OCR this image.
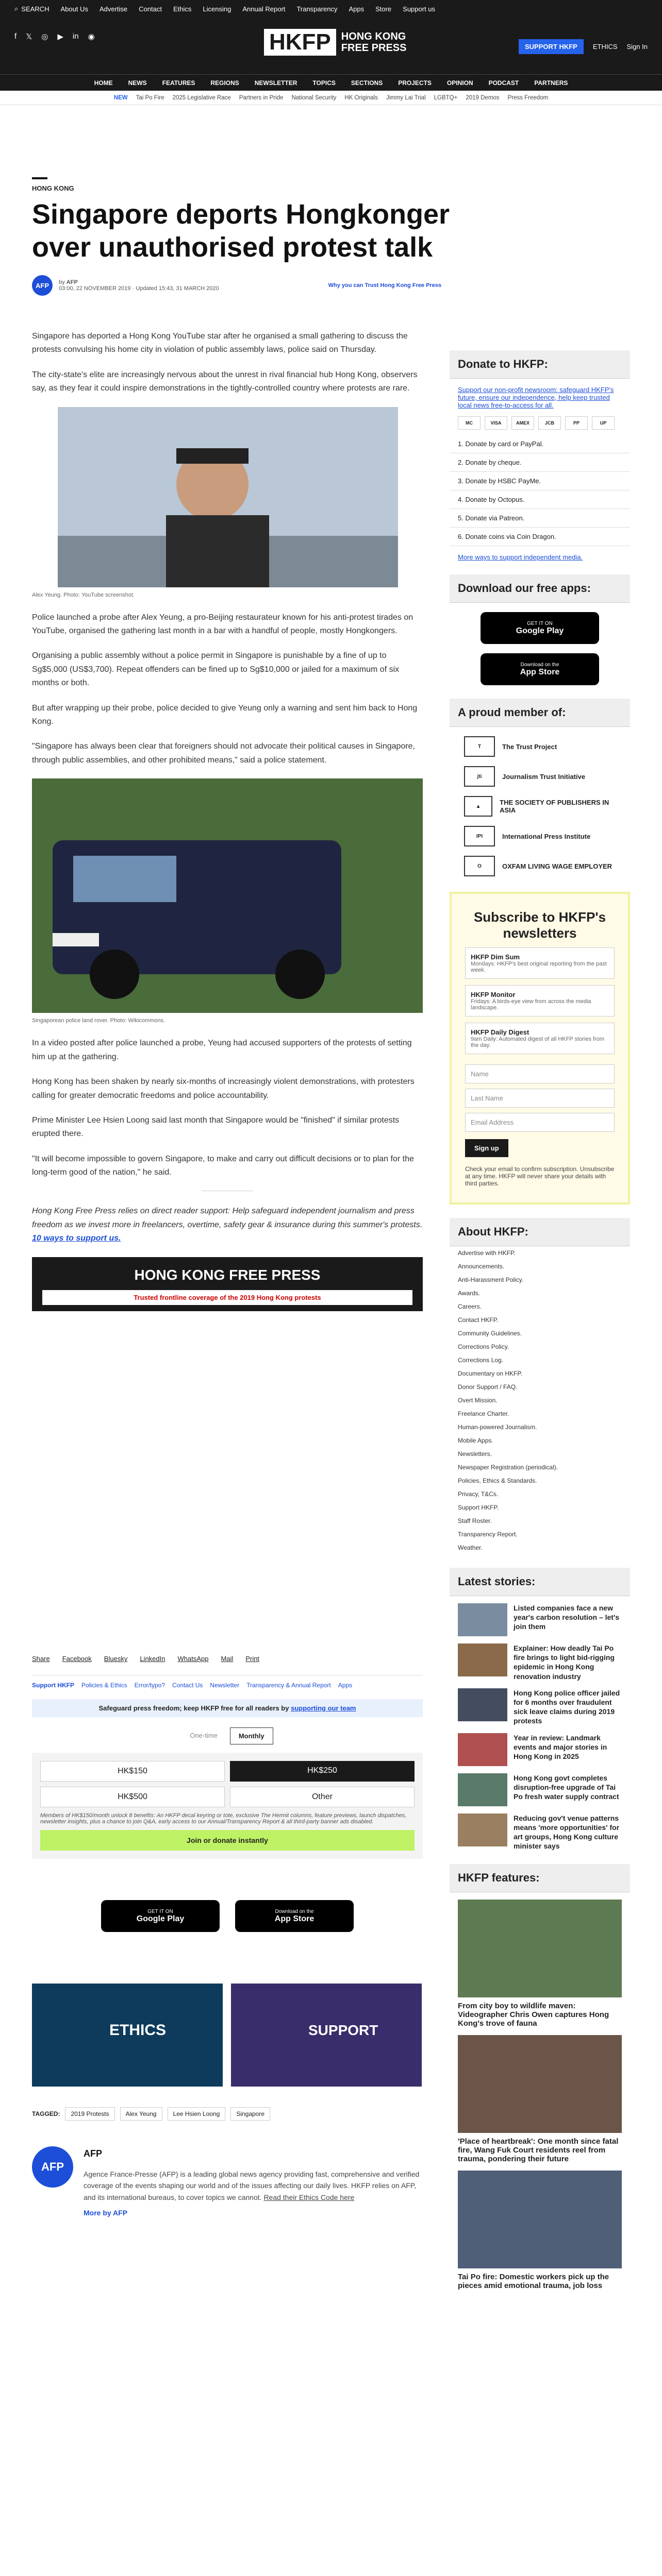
⌕ SEARCH About Us Advertise Contact Ethics Licensing Annual Report Transparency Apps Store Support us
f 𝕏 ◎ ▶ in ◉	HKFP	HONG KONG
FREE PRESS	SUPPORT HKFP	ETHICS Sign In
HOME	NEWS	FEATURES	REGIONS	NEWSLETTER	TOPICS	SECTIONS	PROJECTS	OPINION	PODCAST	PARTNERS
NEW Tai Po Fire 2025 Legislative Race Partners in Pride National Security HK Originals Jimmy Lai Trial LGBTQ+ 2019 Demos Press Freedom
HONG KONG
Singapore deports Hongkonger over unauthorised protest talk
AFP	by AFP
03:00, 22 NOVEMBER 2019 · Updated 15:43, 31 MARCH 2020	Why you can Trust Hong Kong Free Press

Singapore has deported a Hong Kong YouTube star after he organised a small gathering to discuss the protests convulsing his home city in violation of public assembly laws, police said on Thursday.

The city-state's elite are increasingly nervous about the unrest in rival financial hub Hong Kong, observers say, as they fear it could inspire demonstrations in the tightly-controlled country where protests are rare.

Alex Yeung. Photo: YouTube screenshot.

Police launched a probe after Alex Yeung, a pro-Beijing restaurateur known for his anti-protest tirades on YouTube, organised the gathering last month in a bar with a handful of people, mostly Hongkongers.

Organising a public assembly without a police permit in Singapore is punishable by a fine of up to Sg$5,000 (US$3,700). Repeat offenders can be fined up to Sg$10,000 or jailed for a maximum of six months or both.

But after wrapping up their probe, police decided to give Yeung only a warning and sent him back to Hong Kong.

"Singapore has always been clear that foreigners should not advocate their political causes in Singapore, through public assemblies, and other prohibited means," said a police statement.

Singaporean police land rover. Photo: Wikicommons.

In a video posted after police launched a probe, Yeung had accused supporters of the protests of setting him up at the gathering.

Hong Kong has been shaken by nearly six-months of increasingly violent demonstrations, with protesters calling for greater democratic freedoms and police accountability.

Prime Minister Lee Hsien Loong said last month that Singapore would be "finished" if similar protests erupted there.

"It will become impossible to govern Singapore, to make and carry out difficult decisions or to plan for the long-term good of the nation," he said.

Hong Kong Free Press relies on direct reader support: Help safeguard independent journalism and press freedom as we invest more in freelancers, overtime, safety gear & insurance during this summer's protests. 10 ways to support us.

HONG KONG FREE PRESS
Trusted frontline coverage of the 2019 Hong Kong protests
Share Facebook Bluesky LinkedIn WhatsApp Mail Print
Support HKFP Policies & Ethics Error/typo? Contact Us Newsletter Transparency & Annual Report Apps
Safeguard press freedom; keep HKFP free for all readers by supporting our team
One-time	Monthly
HK$150	HK$250
HK$500	Other
Members of HK$150/month unlock 8 benefits: An HKFP decal keyring or tote, exclusive The Hermit columns, feature previews, launch dispatches, newsletter insights, plus a chance to join Q&A, early access to our Annual/Transparency Report & all third-party banner ads disabled.
Join or donate instantly
GET IT ON
Google Play
Download on the
App Store
ETHICS	SUPPORT
TAGGED:	2019 Protests	Alex Yeung	Lee Hsien Loong	Singapore
AFP
AFP

Agence France-Presse (AFP) is a leading global news agency providing fast, comprehensive and verified coverage of the events shaping our world and of the issues affecting our daily lives. HKFP relies on AFP, and its international bureaus, to cover topics we cannot. Read their Ethics Code here

More by AFP
Donate to HKFP:
Support our non-profit newsroom: safeguard HKFP's future, ensure our independence, help keep trusted local news free-to-access for all.
MC	VISA	AMEX	JCB	PP	UP
1. Donate by card or PayPal.
2. Donate by cheque.
3. Donate by HSBC PayMe.
4. Donate by Octopus.
5. Donate via Patreon.
6. Donate coins via Coin Dragon.
More ways to support independent media.
Download our free apps:
GET IT ON
Google Play
Download on the
App Store
A proud member of:
T	The Trust Project
jti	Journalism Trust Initiative
▲	THE SOCIETY OF PUBLISHERS IN ASIA
IPI	International Press Institute
O	OXFAM LIVING WAGE EMPLOYER
Subscribe to HKFP's newsletters
HKFP Dim Sum
Mondays: HKFP's best original reporting from the past week.
HKFP Monitor
Fridays: A birds-eye view from across the media landscape.
HKFP Daily Digest
9am Daily: Automated digest of all HKFP stories from the day.
Name
Last Name
Email Address
Sign up
Check your email to confirm subscription. Unsubscribe at any time. HKFP will never share your details with third parties.
About HKFP:
Advertise with HKFP.
Announcements.
Anti-Harassment Policy.
Awards.
Careers.
Contact HKFP.
Community Guidelines.
Corrections Policy.
Corrections Log.
Documentary on HKFP.
Donor Support / FAQ.
Overt Mission.
Freelance Charter.
Human-powered Journalism.
Mobile Apps.
Newsletters.
Newspaper Registration (periodical).
Policies, Ethics & Standards.
Privacy, T&Cs.
Support HKFP.
Staff Roster.
Transparency Report.
Weather.
Latest stories:

Listed companies face a new year's carbon resolution – let's join them

Explainer: How deadly Tai Po fire brings to light bid-rigging epidemic in Hong Kong renovation industry

Hong Kong police officer jailed for 6 months over fraudulent sick leave claims during 2019 protests

Year in review: Landmark events and major stories in Hong Kong in 2025

Hong Kong govt completes disruption-free upgrade of Tai Po fresh water supply contract

Reducing gov't venue patterns means 'more opportunities' for art groups, Hong Kong culture minister says

HKFP features:

From city boy to wildlife maven: Videographer Chris Owen captures Hong Kong's trove of fauna

'Place of heartbreak': One month since fatal fire, Wang Fuk Court residents reel from trauma, pondering their future

Tai Po fire: Domestic workers pick up the pieces amid emotional trauma, job loss
